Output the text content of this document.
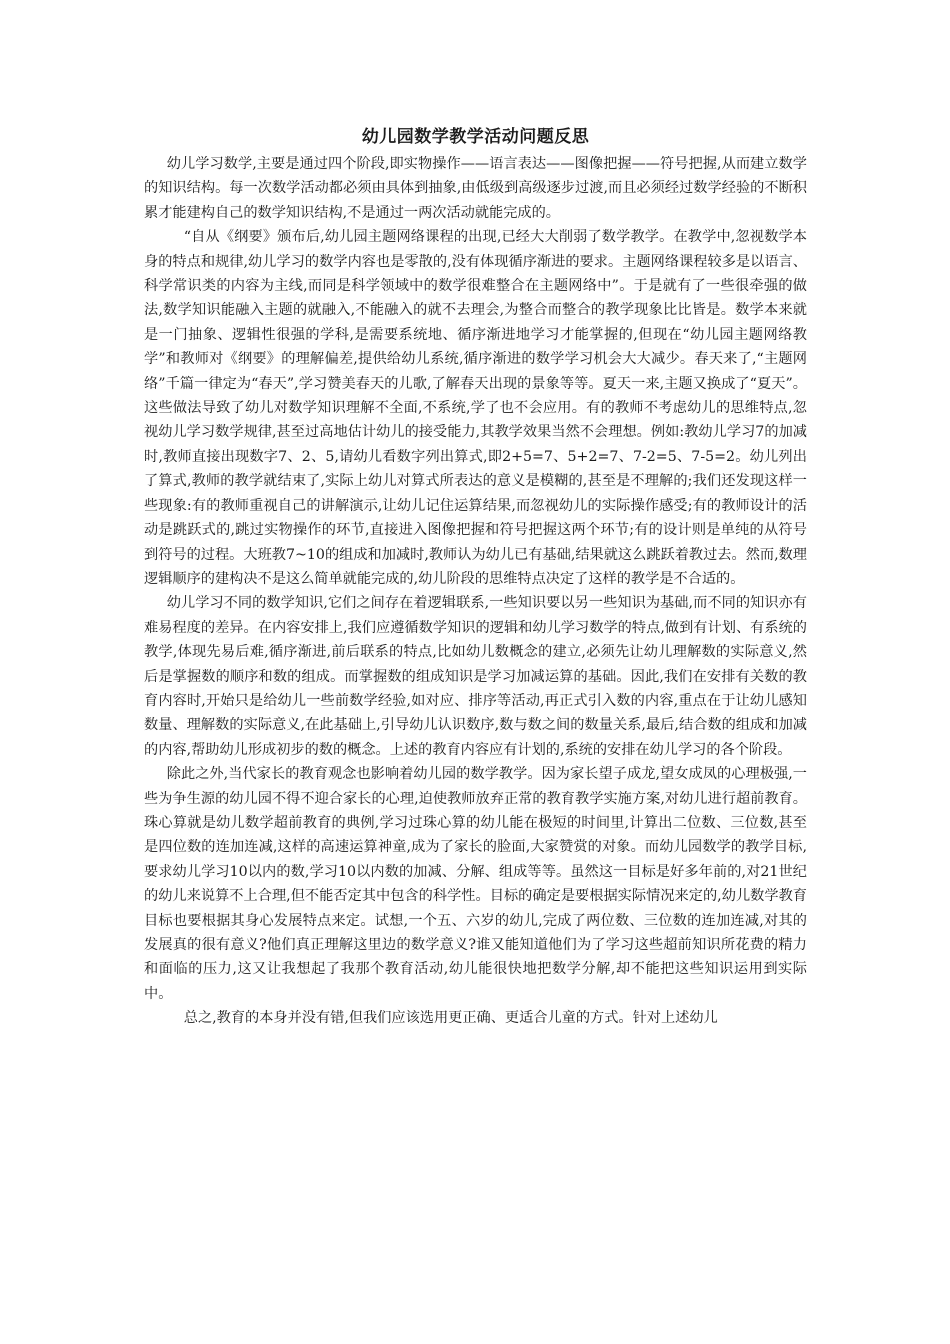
幼儿园数学教学活动问题反思

幼儿学习数学,主要是通过四个阶段,即实物操作——语言表达——图像把握——符号把握,从而建立数学的知识结构。每一次数学活动都必须由具体到抽象,由低级到高级逐步过渡,而且必须经过数学经验的不断积累才能建构自己的数学知识结构,不是通过一两次活动就能完成的。

“自从《纲要》颁布后,幼儿园主题网络课程的出现,已经大大削弱了数学教学。在教学中,忽视数学本身的特点和规律,幼儿学习的数学内容也是零散的,没有体现循序渐进的要求。主题网络课程较多是以语言、科学常识类的内容为主线,而同是科学领域中的数学很难整合在主题网络中”。于是就有了一些很牵强的做法,数学知识能融入主题的就融入,不能融入的就不去理会,为整合而整合的教学现象比比皆是。数学本来就是一门抽象、逻辑性很强的学科,是需要系统地、循序渐进地学习才能掌握的,但现在“幼儿园主题网络教学”和教师对《纲要》的理解偏差,提供给幼儿系统,循序渐进的数学学习机会大大减少。春天来了,“主题网络”千篇一律定为“春天”,学习赞美春天的儿歌,了解春天出现的景象等等。夏天一来,主题又换成了“夏天”。这些做法导致了幼儿对数学知识理解不全面,不系统,学了也不会应用。有的教师不考虑幼儿的思维特点,忽视幼儿学习数学规律,甚至过高地估计幼儿的接受能力,其教学效果当然不会理想。例如:教幼儿学习7的加减时,教师直接出现数字7、2、5,请幼儿看数字列出算式,即2+5=7、5+2=7、7-2=5、7-5=2。幼儿列出了算式,教师的教学就结束了,实际上幼儿对算式所表达的意义是模糊的,甚至是不理解的;我们还发现这样一些现象:有的教师重视自己的讲解演示,让幼儿记住运算结果,而忽视幼儿的实际操作感受;有的教师设计的活动是跳跃式的,跳过实物操作的环节,直接进入图像把握和符号把握这两个环节;有的设计则是单纯的从符号到符号的过程。大班教7~10的组成和加减时,教师认为幼儿已有基础,结果就这么跳跃着教过去。然而,数理逻辑顺序的建构决不是这么简单就能完成的,幼儿阶段的思维特点决定了这样的教学是不合适的。

幼儿学习不同的数学知识,它们之间存在着逻辑联系,一些知识要以另一些知识为基础,而不同的知识亦有难易程度的差异。在内容安排上,我们应遵循数学知识的逻辑和幼儿学习数学的特点,做到有计划、有系统的教学,体现先易后难,循序渐进,前后联系的特点,比如幼儿数概念的建立,必须先让幼儿理解数的实际意义,然后是掌握数的顺序和数的组成。而掌握数的组成知识是学习加减运算的基础。因此,我们在安排有关数的教育内容时,开始只是给幼儿一些前数学经验,如对应、排序等活动,再正式引入数的内容,重点在于让幼儿感知数量、理解数的实际意义,在此基础上,引导幼儿认识数序,数与数之间的数量关系,最后,结合数的组成和加减的内容,帮助幼儿形成初步的数的概念。上述的教育内容应有计划的,系统的安排在幼儿学习的各个阶段。

除此之外,当代家长的教育观念也影响着幼儿园的数学教学。因为家长望子成龙,望女成凤的心理极强,一些为争生源的幼儿园不得不迎合家长的心理,迫使教师放弃正常的教育教学实施方案,对幼儿进行超前教育。珠心算就是幼儿数学超前教育的典例,学习过珠心算的幼儿能在极短的时间里,计算出二位数、三位数,甚至是四位数的连加连减,这样的高速运算神童,成为了家长的脸面,大家赞赏的对象。而幼儿园数学的教学目标,要求幼儿学习10以内的数,学习10以内数的加减、分解、组成等等。虽然这一目标是好多年前的,对21世纪的幼儿来说算不上合理,但不能否定其中包含的科学性。目标的确定是要根据实际情况来定的,幼儿数学教育目标也要根据其身心发展特点来定。试想,一个五、六岁的幼儿,完成了两位数、三位数的连加连减,对其的发展真的很有意义?他们真正理解这里边的数学意义?谁又能知道他们为了学习这些超前知识所花费的精力和面临的压力,这又让我想起了我那个教育活动,幼儿能很快地把数学分解,却不能把这些知识运用到实际中。

总之,教育的本身并没有错,但我们应该选用更正确、更适合儿童的方式。针对上述幼儿
